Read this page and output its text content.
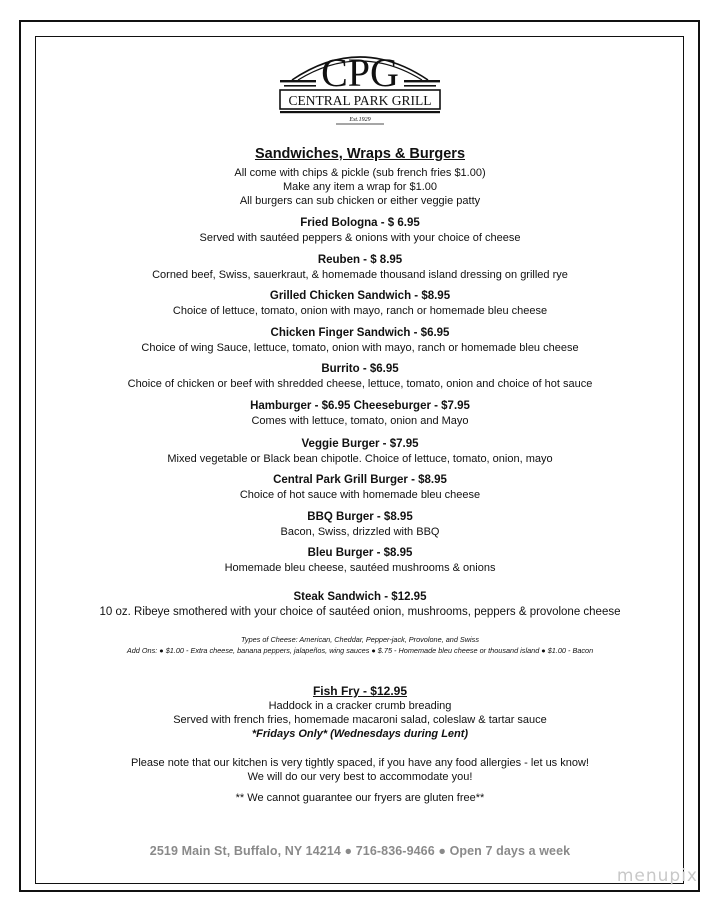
CPG
CENTRAL PARK GRILL
Est.1929
Sandwiches, Wraps & Burgers
All come with chips & pickle (sub french fries $1.00)
Make any item a wrap for $1.00
All burgers can sub chicken or either veggie patty
Fried Bologna - $ 6.95
Served with sautéed peppers & onions with your choice of cheese
Reuben - $ 8.95
Corned beef, Swiss, sauerkraut, & homemade thousand island dressing on grilled rye
Grilled Chicken Sandwich - $8.95
Choice of lettuce, tomato, onion with mayo, ranch or homemade bleu cheese
Chicken Finger Sandwich - $6.95
Choice of wing Sauce, lettuce, tomato, onion with mayo, ranch or homemade bleu cheese
Burrito - $6.95
Choice of chicken or beef with shredded cheese, lettuce, tomato, onion and choice of hot sauce
Hamburger - $6.95 Cheeseburger - $7.95
Comes with lettuce, tomato, onion and Mayo
Veggie Burger - $7.95
Mixed vegetable or Black bean chipotle. Choice of lettuce, tomato, onion, mayo
Central Park Grill Burger - $8.95
Choice of hot sauce with homemade bleu cheese
BBQ Burger - $8.95
Bacon, Swiss, drizzled with BBQ
Bleu Burger - $8.95
Homemade bleu cheese, sautéed mushrooms & onions
Steak Sandwich - $12.95
10 oz. Ribeye smothered with your choice of sautéed onion, mushrooms, peppers & provolone cheese
Types of Cheese: American, Cheddar, Pepper-jack, Provolone, and Swiss
Add Ons: ● $1.00 - Extra cheese, banana peppers, jalapeños, wing sauces ● $.75 - Homemade bleu cheese or thousand island ● $1.00 - Bacon
Fish Fry - $12.95
Haddock in a cracker crumb breading
Served with french fries, homemade macaroni salad, coleslaw & tartar sauce
*Fridays Only* (Wednesdays during Lent)
Please note that our kitchen is very tightly spaced, if you have any food allergies - let us know!
We will do our very best to accommodate you!
** We cannot guarantee our fryers are gluten free**
2519 Main St, Buffalo, NY 14214 ● 716-836-9466 ● Open 7 days a week
menupix
